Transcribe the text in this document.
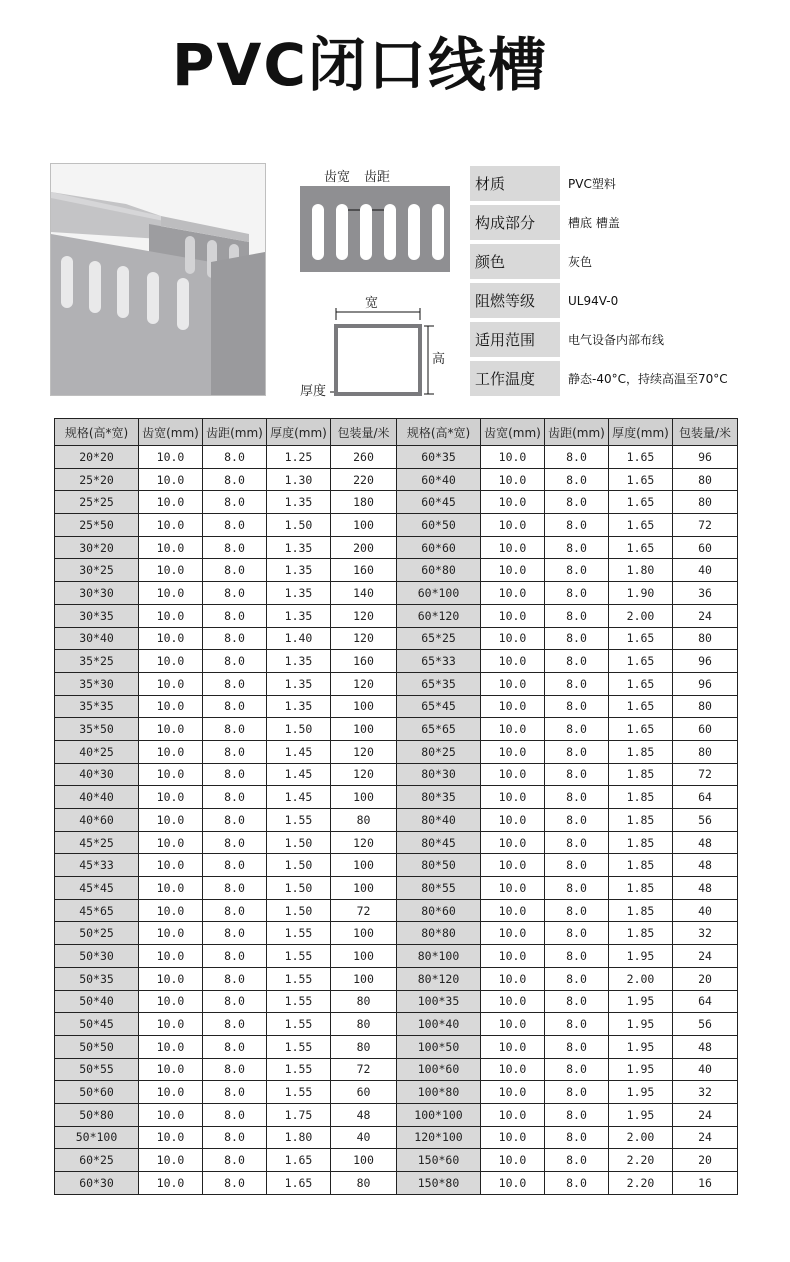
PVC闭口线槽
齿宽 齿距
宽
高
厚度
材质	PVC塑料
构成部分	槽底 槽盖
颜色	灰色
阻燃等级	UL94V-0
适用范围	电气设备内部布线
工作温度	静态-40°C，持续高温至70°C
规格(高*宽)	齿宽(mm)	齿距(mm)	厚度(mm)	包装量/米	规格(高*宽)	齿宽(mm)	齿距(mm)	厚度(mm)	包装量/米
20*20	10.0	8.0	1.25	260	60*35	10.0	8.0	1.65	96
25*20	10.0	8.0	1.30	220	60*40	10.0	8.0	1.65	80
25*25	10.0	8.0	1.35	180	60*45	10.0	8.0	1.65	80
25*50	10.0	8.0	1.50	100	60*50	10.0	8.0	1.65	72
30*20	10.0	8.0	1.35	200	60*60	10.0	8.0	1.65	60
30*25	10.0	8.0	1.35	160	60*80	10.0	8.0	1.80	40
30*30	10.0	8.0	1.35	140	60*100	10.0	8.0	1.90	36
30*35	10.0	8.0	1.35	120	60*120	10.0	8.0	2.00	24
30*40	10.0	8.0	1.40	120	65*25	10.0	8.0	1.65	80
35*25	10.0	8.0	1.35	160	65*33	10.0	8.0	1.65	96
35*30	10.0	8.0	1.35	120	65*35	10.0	8.0	1.65	96
35*35	10.0	8.0	1.35	100	65*45	10.0	8.0	1.65	80
35*50	10.0	8.0	1.50	100	65*65	10.0	8.0	1.65	60
40*25	10.0	8.0	1.45	120	80*25	10.0	8.0	1.85	80
40*30	10.0	8.0	1.45	120	80*30	10.0	8.0	1.85	72
40*40	10.0	8.0	1.45	100	80*35	10.0	8.0	1.85	64
40*60	10.0	8.0	1.55	80	80*40	10.0	8.0	1.85	56
45*25	10.0	8.0	1.50	120	80*45	10.0	8.0	1.85	48
45*33	10.0	8.0	1.50	100	80*50	10.0	8.0	1.85	48
45*45	10.0	8.0	1.50	100	80*55	10.0	8.0	1.85	48
45*65	10.0	8.0	1.50	72	80*60	10.0	8.0	1.85	40
50*25	10.0	8.0	1.55	100	80*80	10.0	8.0	1.85	32
50*30	10.0	8.0	1.55	100	80*100	10.0	8.0	1.95	24
50*35	10.0	8.0	1.55	100	80*120	10.0	8.0	2.00	20
50*40	10.0	8.0	1.55	80	100*35	10.0	8.0	1.95	64
50*45	10.0	8.0	1.55	80	100*40	10.0	8.0	1.95	56
50*50	10.0	8.0	1.55	80	100*50	10.0	8.0	1.95	48
50*55	10.0	8.0	1.55	72	100*60	10.0	8.0	1.95	40
50*60	10.0	8.0	1.55	60	100*80	10.0	8.0	1.95	32
50*80	10.0	8.0	1.75	48	100*100	10.0	8.0	1.95	24
50*100	10.0	8.0	1.80	40	120*100	10.0	8.0	2.00	24
60*25	10.0	8.0	1.65	100	150*60	10.0	8.0	2.20	20
60*30	10.0	8.0	1.65	80	150*80	10.0	8.0	2.20	16
